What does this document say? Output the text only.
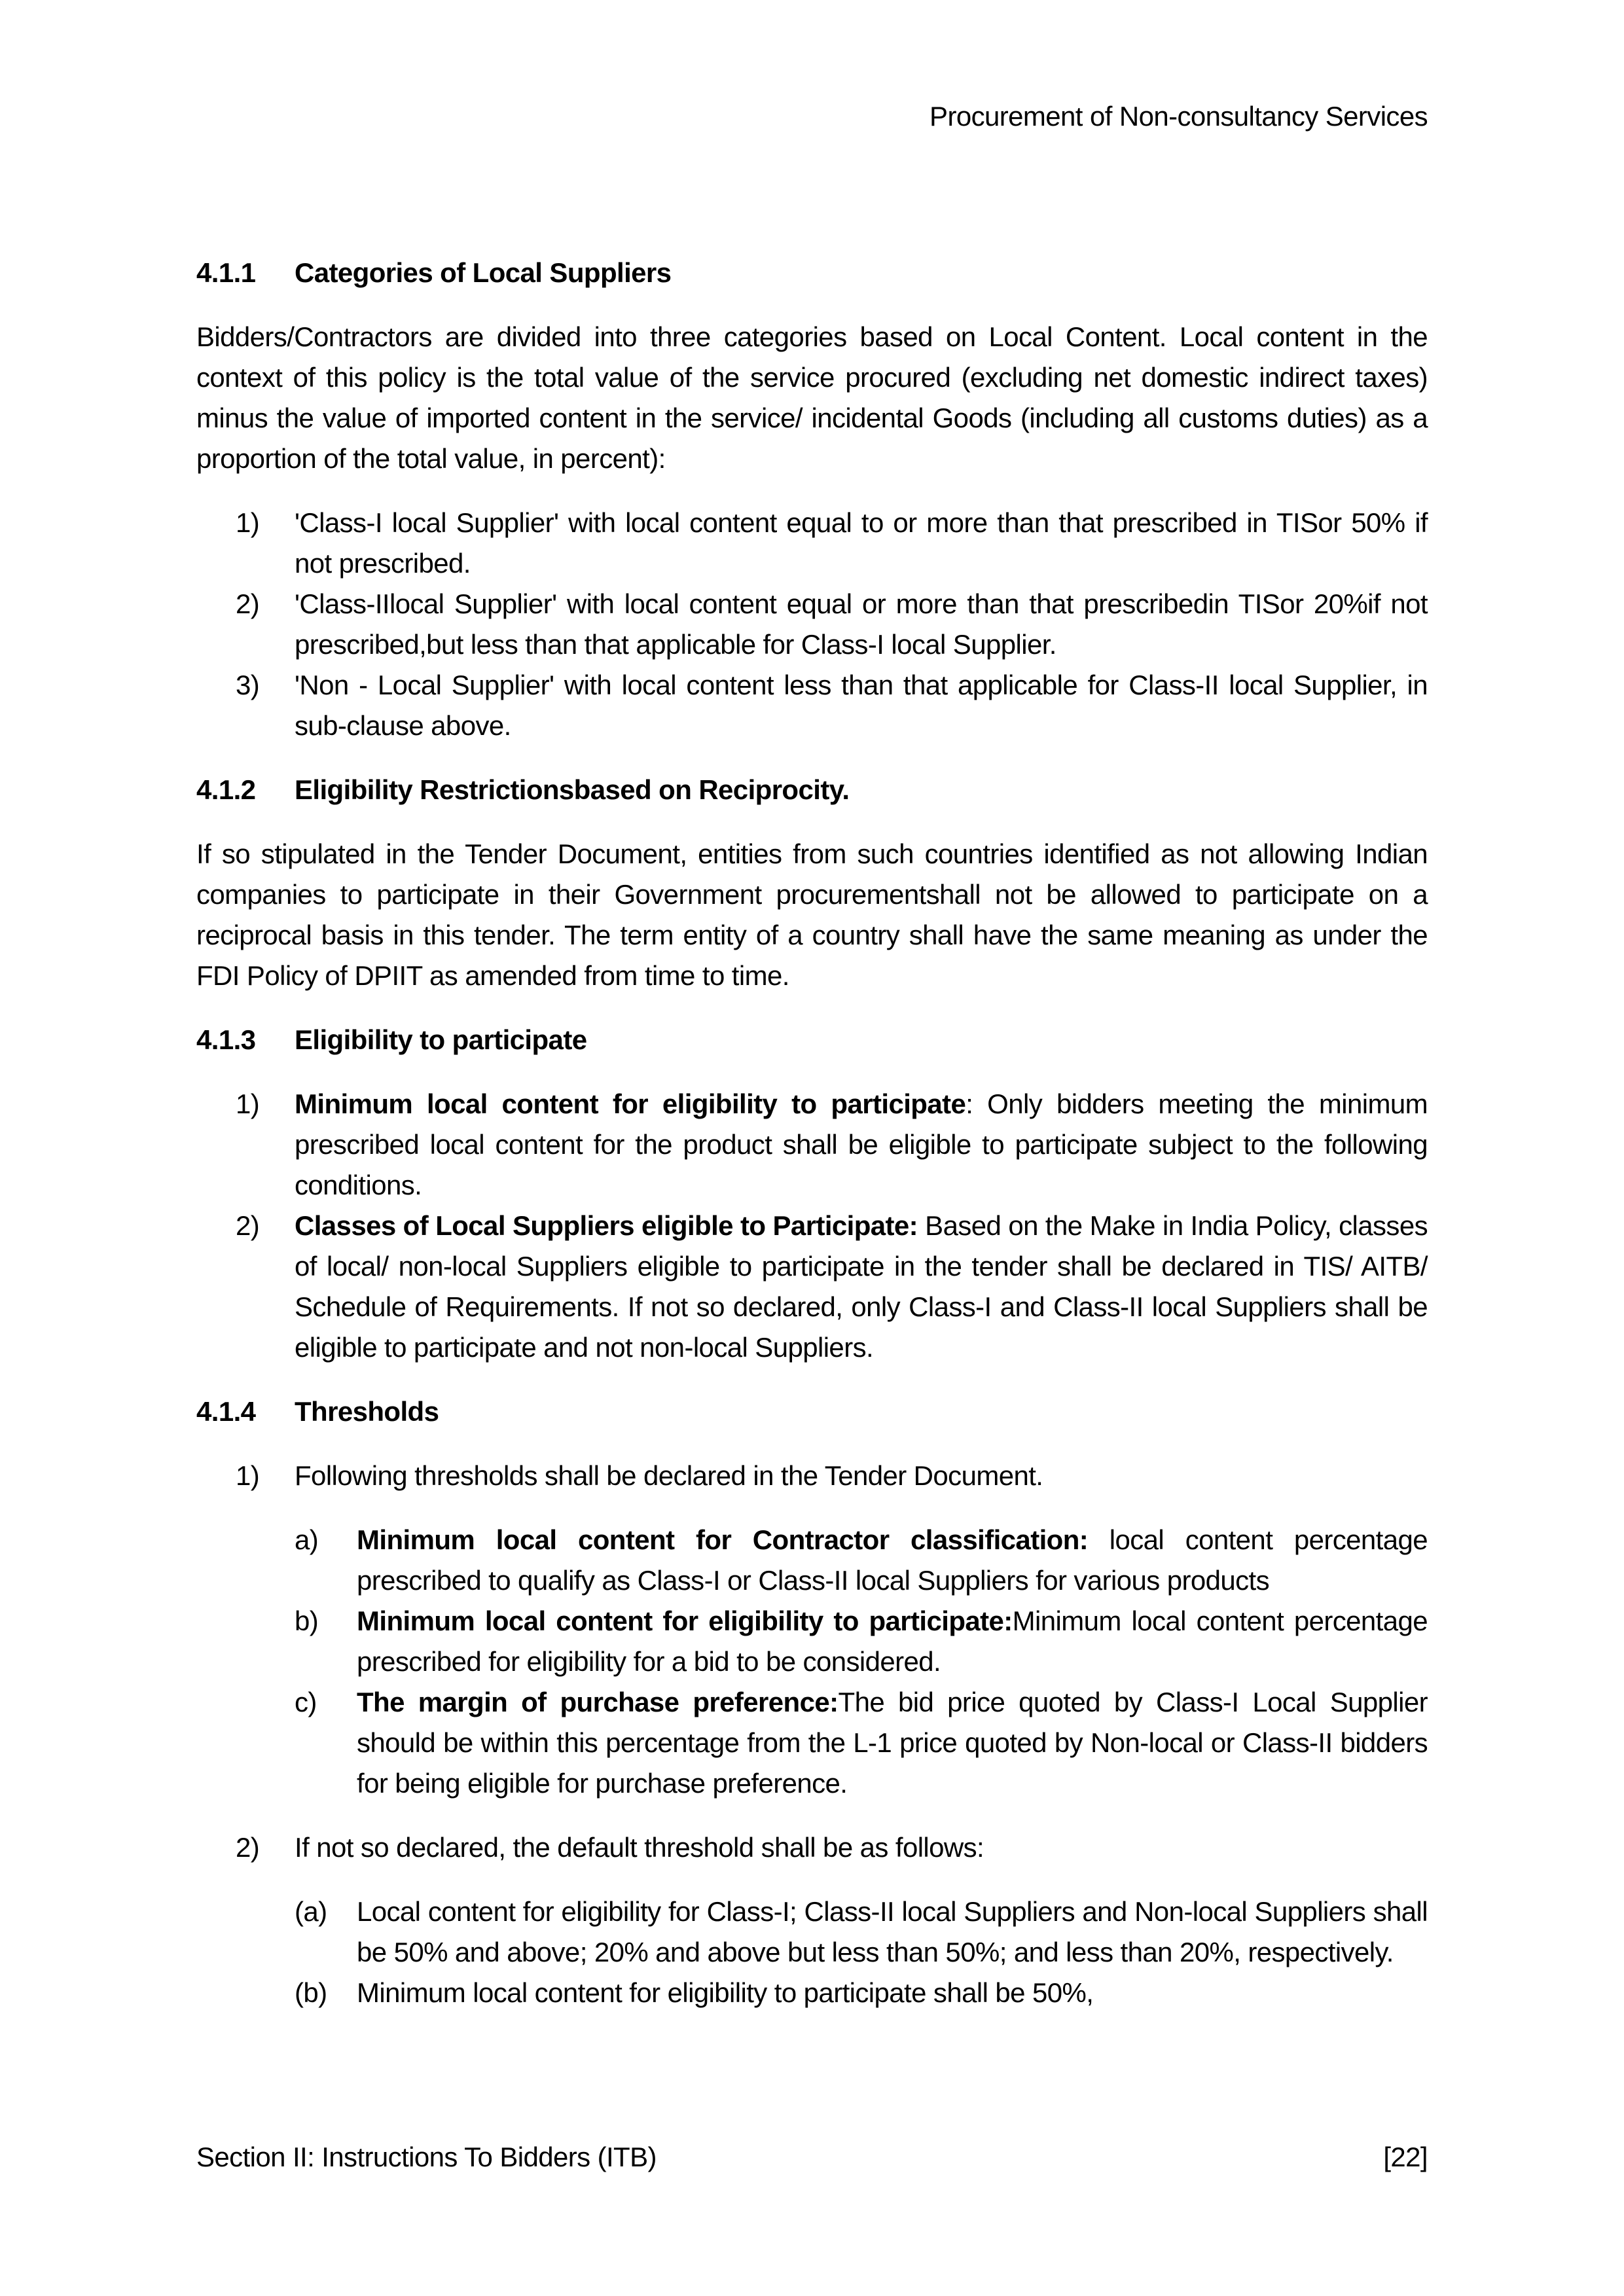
Procurement of Non-consultancy Services
4.1.1 Categories of Local Suppliers
Bidders/Contractors are divided into three categories based on Local Content. Local content in the context of this policy is the total value of the service procured (excluding net domestic indirect taxes) minus the value of imported content in the service/ incidental Goods (including all customs duties) as a proportion of the total value, in percent):
1) 'Class-I local Supplier' with local content equal to or more than that prescribed in TISor 50% if not prescribed.
2) 'Class-IIlocal Supplier' with local content equal or more than that prescribedin TISor 20%if not prescribed,but less than that applicable for Class-I local Supplier.
3) 'Non - Local Supplier' with local content less than that applicable for Class-II local Supplier, in sub-clause above.
4.1.2 Eligibility Restrictionsbased on Reciprocity.
If so stipulated in the Tender Document, entities from such countries identified as not allowing Indian companies to participate in their Government procurementshall not be allowed to participate on a reciprocal basis in this tender. The term entity of a country shall have the same meaning as under the FDI Policy of DPIIT as amended from time to time.
4.1.3 Eligibility to participate
1) Minimum local content for eligibility to participate: Only bidders meeting the minimum prescribed local content for the product shall be eligible to participate subject to the following conditions.
2) Classes of Local Suppliers eligible to Participate: Based on the Make in India Policy, classes of local/ non-local Suppliers eligible to participate in the tender shall be declared in TIS/ AITB/ Schedule of Requirements. If not so declared, only Class-I and Class-II local Suppliers shall be eligible to participate and not non-local Suppliers.
4.1.4 Thresholds
1) Following thresholds shall be declared in the Tender Document.
a) Minimum local content for Contractor classification: local content percentage prescribed to qualify as Class-I or Class-II local Suppliers for various products
b) Minimum local content for eligibility to participate:Minimum local content percentage prescribed for eligibility for a bid to be considered.
c) The margin of purchase preference:The bid price quoted by Class-I Local Supplier should be within this percentage from the L-1 price quoted by Non-local or Class-II bidders for being eligible for purchase preference.
2) If not so declared, the default threshold shall be as follows:
(a) Local content for eligibility for Class-I; Class-II local Suppliers and Non-local Suppliers shall be 50% and above; 20% and above but less than 50%; and less than 20%, respectively.
(b) Minimum local content for eligibility to participate shall be 50%,
Section II: Instructions To Bidders (ITB)	[22]
